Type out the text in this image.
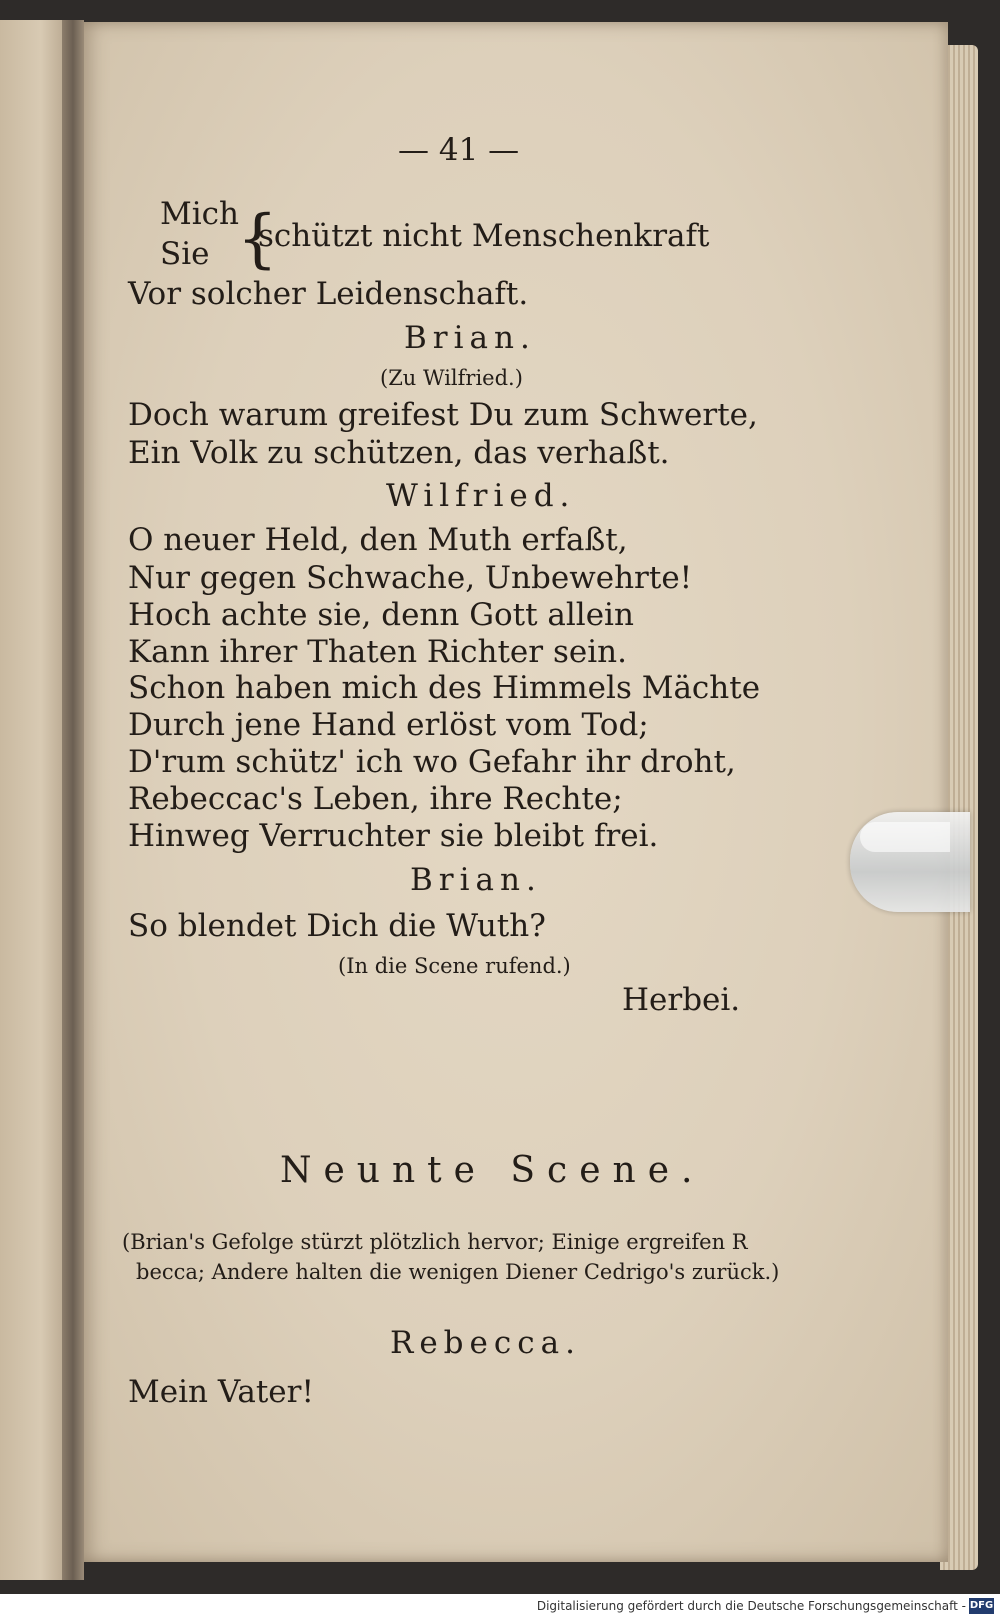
— 41 —
Mich
Sie {
schützt nicht Menschenkraft
Vor solcher Leidenschaft.
Brian.
(Zu Wilfried.)
Doch warum greifest Du zum Schwerte,
Ein Volk zu schützen, das verhaßt.
Wilfried.
O neuer Held, den Muth erfaßt,
Nur gegen Schwache, Unbewehrte!
Hoch achte sie, denn Gott allein
Kann ihrer Thaten Richter sein.
Schon haben mich des Himmels Mächte
Durch jene Hand erlöst vom Tod;
D'rum schütz' ich wo Gefahr ihr droht,
Rebeccac's Leben, ihre Rechte;
Hinweg Verruchter sie bleibt frei.
Brian.
So blendet Dich die Wuth?
(In die Scene rufend.)
Herbei.
Neunte Scene.
(Brian's Gefolge stürzt plötzlich hervor; Einige ergreifen R
becca; Andere halten die wenigen Diener Cedrigo's zurück.)
Rebecca.
Mein Vater!
Digitalisierung gefördert durch die Deutsche Forschungsgemeinschaft - DFG
